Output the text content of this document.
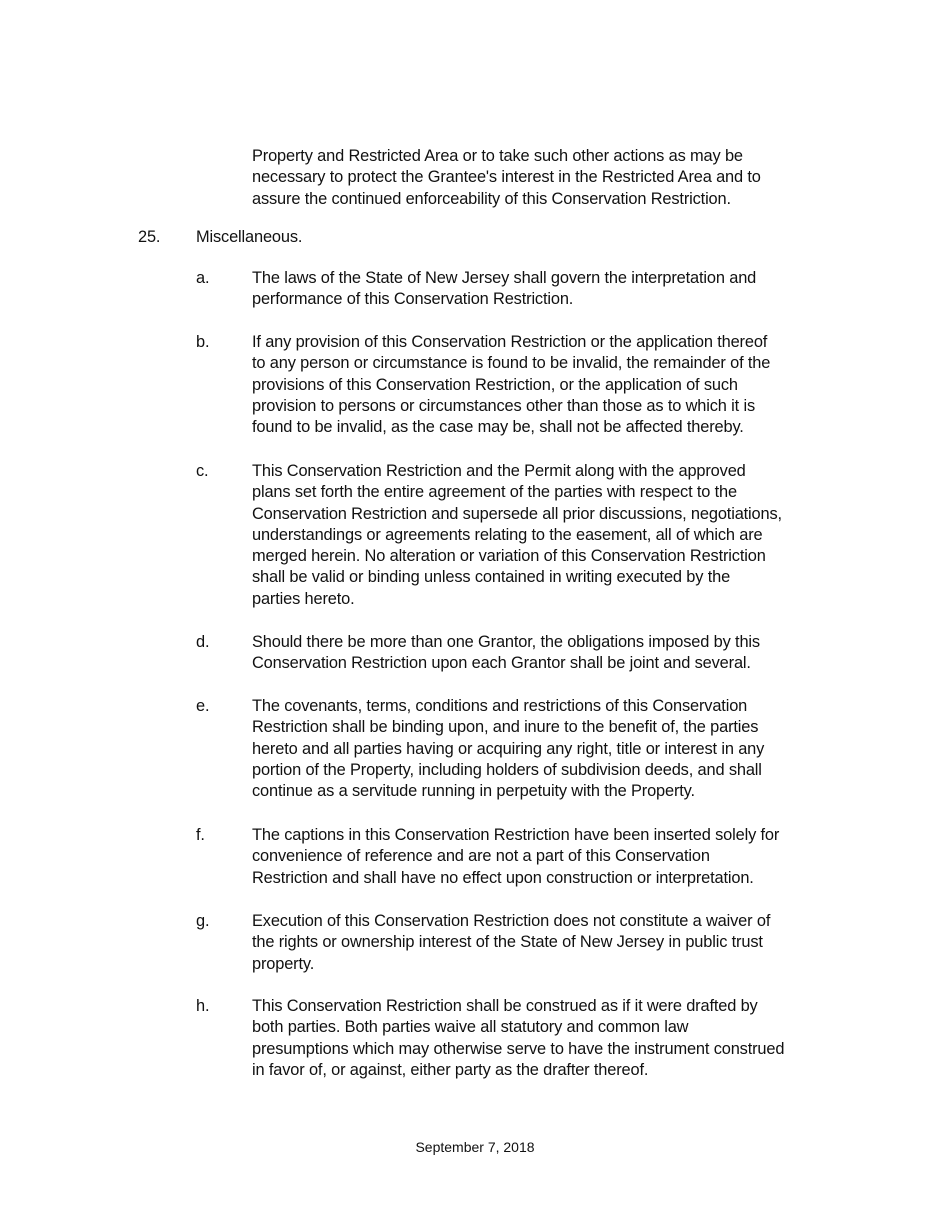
Property and Restricted Area or to take such other actions as may be
necessary to protect the Grantee's interest in the Restricted Area and to
assure the continued enforceability of this Conservation Restriction.
25. Miscellaneous.
a.	The laws of the State of New Jersey shall govern the interpretation and
performance of this Conservation Restriction.
b.	If any provision of this Conservation Restriction or the application thereof
to any person or circumstance is found to be invalid, the remainder of the
provisions of this Conservation Restriction, or the application of such
provision to persons or circumstances other than those as to which it is
found to be invalid, as the case may be, shall not be affected thereby.
c.	This Conservation Restriction and the Permit along with the approved
plans set forth the entire agreement of the parties with respect to the
Conservation Restriction and supersede all prior discussions, negotiations,
understandings or agreements relating to the easement, all of which are
merged herein. No alteration or variation of this Conservation Restriction
shall be valid or binding unless contained in writing executed by the
parties hereto.
d.	Should there be more than one Grantor, the obligations imposed by this
Conservation Restriction upon each Grantor shall be joint and several.
e.	The covenants, terms, conditions and restrictions of this Conservation
Restriction shall be binding upon, and inure to the benefit of, the parties
hereto and all parties having or acquiring any right, title or interest in any
portion of the Property, including holders of subdivision deeds, and shall
continue as a servitude running in perpetuity with the Property.
f.	The captions in this Conservation Restriction have been inserted solely for
convenience of reference and are not a part of this Conservation
Restriction and shall have no effect upon construction or interpretation.
g.	Execution of this Conservation Restriction does not constitute a waiver of
the rights or ownership interest of the State of New Jersey in public trust
property.
h.	This Conservation Restriction shall be construed as if it were drafted by
both parties. Both parties waive all statutory and common law
presumptions which may otherwise serve to have the instrument construed
in favor of, or against, either party as the drafter thereof.
September 7, 2018
